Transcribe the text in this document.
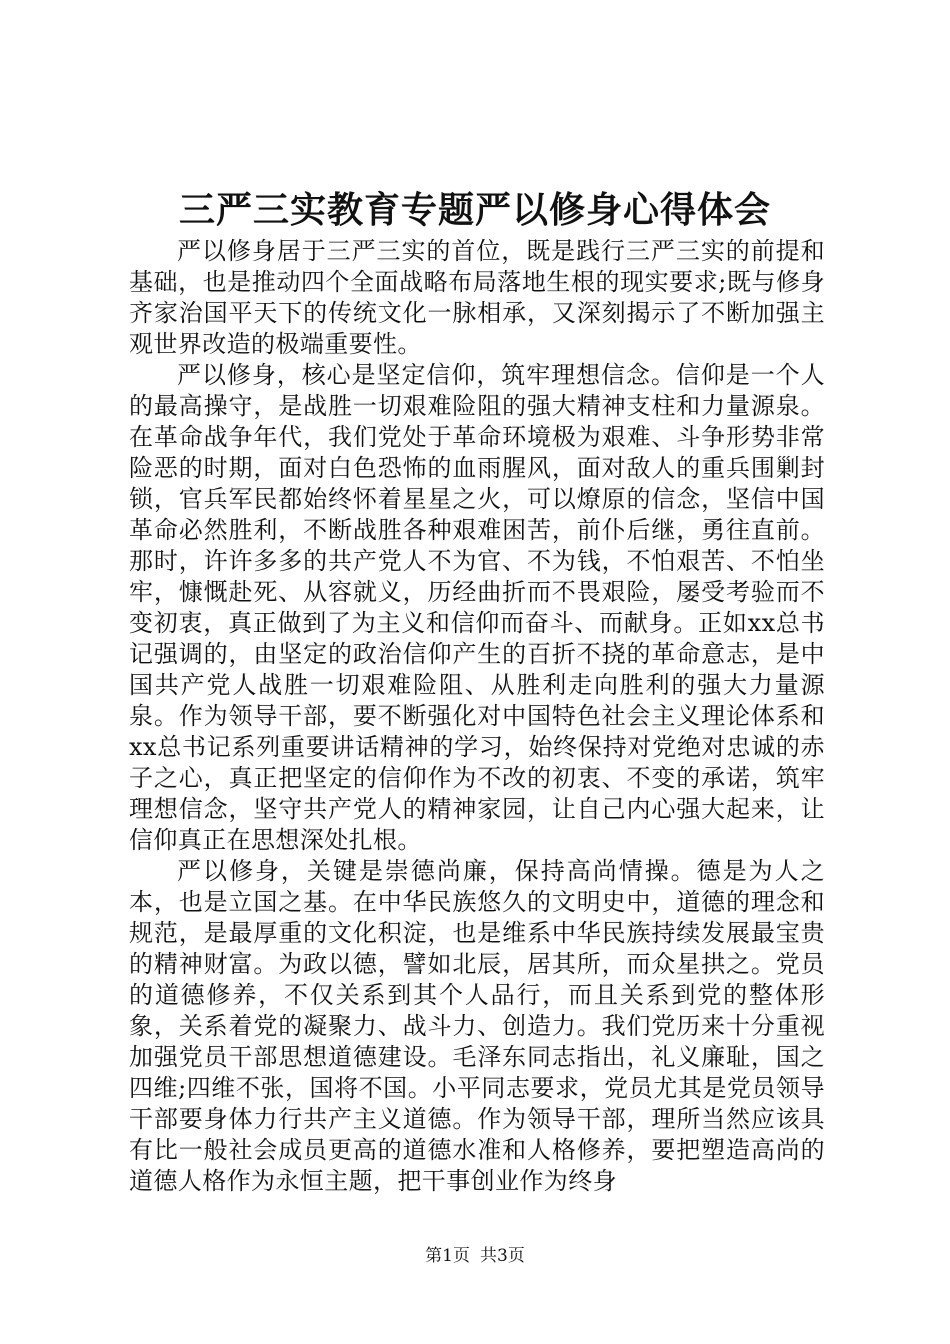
三严三实教育专题严以修身心得体会

严以修身居于三严三实的首位，既是践行三严三实的前提和基础，也是推动四个全面战略布局落地生根的现实要求;既与修身齐家治国平天下的传统文化一脉相承，又深刻揭示了不断加强主观世界改造的极端重要性。

严以修身，核心是坚定信仰，筑牢理想信念。信仰是一个人的最高操守，是战胜一切艰难险阻的强大精神支柱和力量源泉。在革命战争年代，我们党处于革命环境极为艰难、斗争形势非常险恶的时期，面对白色恐怖的血雨腥风，面对敌人的重兵围剿封锁，官兵军民都始终怀着星星之火，可以燎原的信念，坚信中国革命必然胜利，不断战胜各种艰难困苦，前仆后继，勇往直前。那时，许许多多的共产党人不为官、不为钱，不怕艰苦、不怕坐牢，慷慨赴死、从容就义，历经曲折而不畏艰险，屡受考验而不变初衷，真正做到了为主义和信仰而奋斗、而献身。正如xx总书记强调的，由坚定的政治信仰产生的百折不挠的革命意志，是中国共产党人战胜一切艰难险阻、从胜利走向胜利的强大力量源泉。作为领导干部，要不断强化对中国特色社会主义理论体系和xx总书记系列重要讲话精神的学习，始终保持对党绝对忠诚的赤子之心，真正把坚定的信仰作为不改的初衷、不变的承诺，筑牢理想信念，坚守共产党人的精神家园，让自己内心强大起来，让信仰真正在思想深处扎根。

严以修身，关键是崇德尚廉，保持高尚情操。德是为人之本，也是立国之基。在中华民族悠久的文明史中，道德的理念和规范，是最厚重的文化积淀，也是维系中华民族持续发展最宝贵的精神财富。为政以德，譬如北辰，居其所，而众星拱之。党员的道德修养，不仅关系到其个人品行，而且关系到党的整体形象，关系着党的凝聚力、战斗力、创造力。我们党历来十分重视加强党员干部思想道德建设。毛泽东同志指出，礼义廉耻，国之四维;四维不张，国将不国。小平同志要求，党员尤其是党员领导干部要身体力行共产主义道德。作为领导干部，理所当然应该具有比一般社会成员更高的道德水准和人格修养，要把塑造高尚的道德人格作为永恒主题，把干事创业作为终身

第1页 共3页
